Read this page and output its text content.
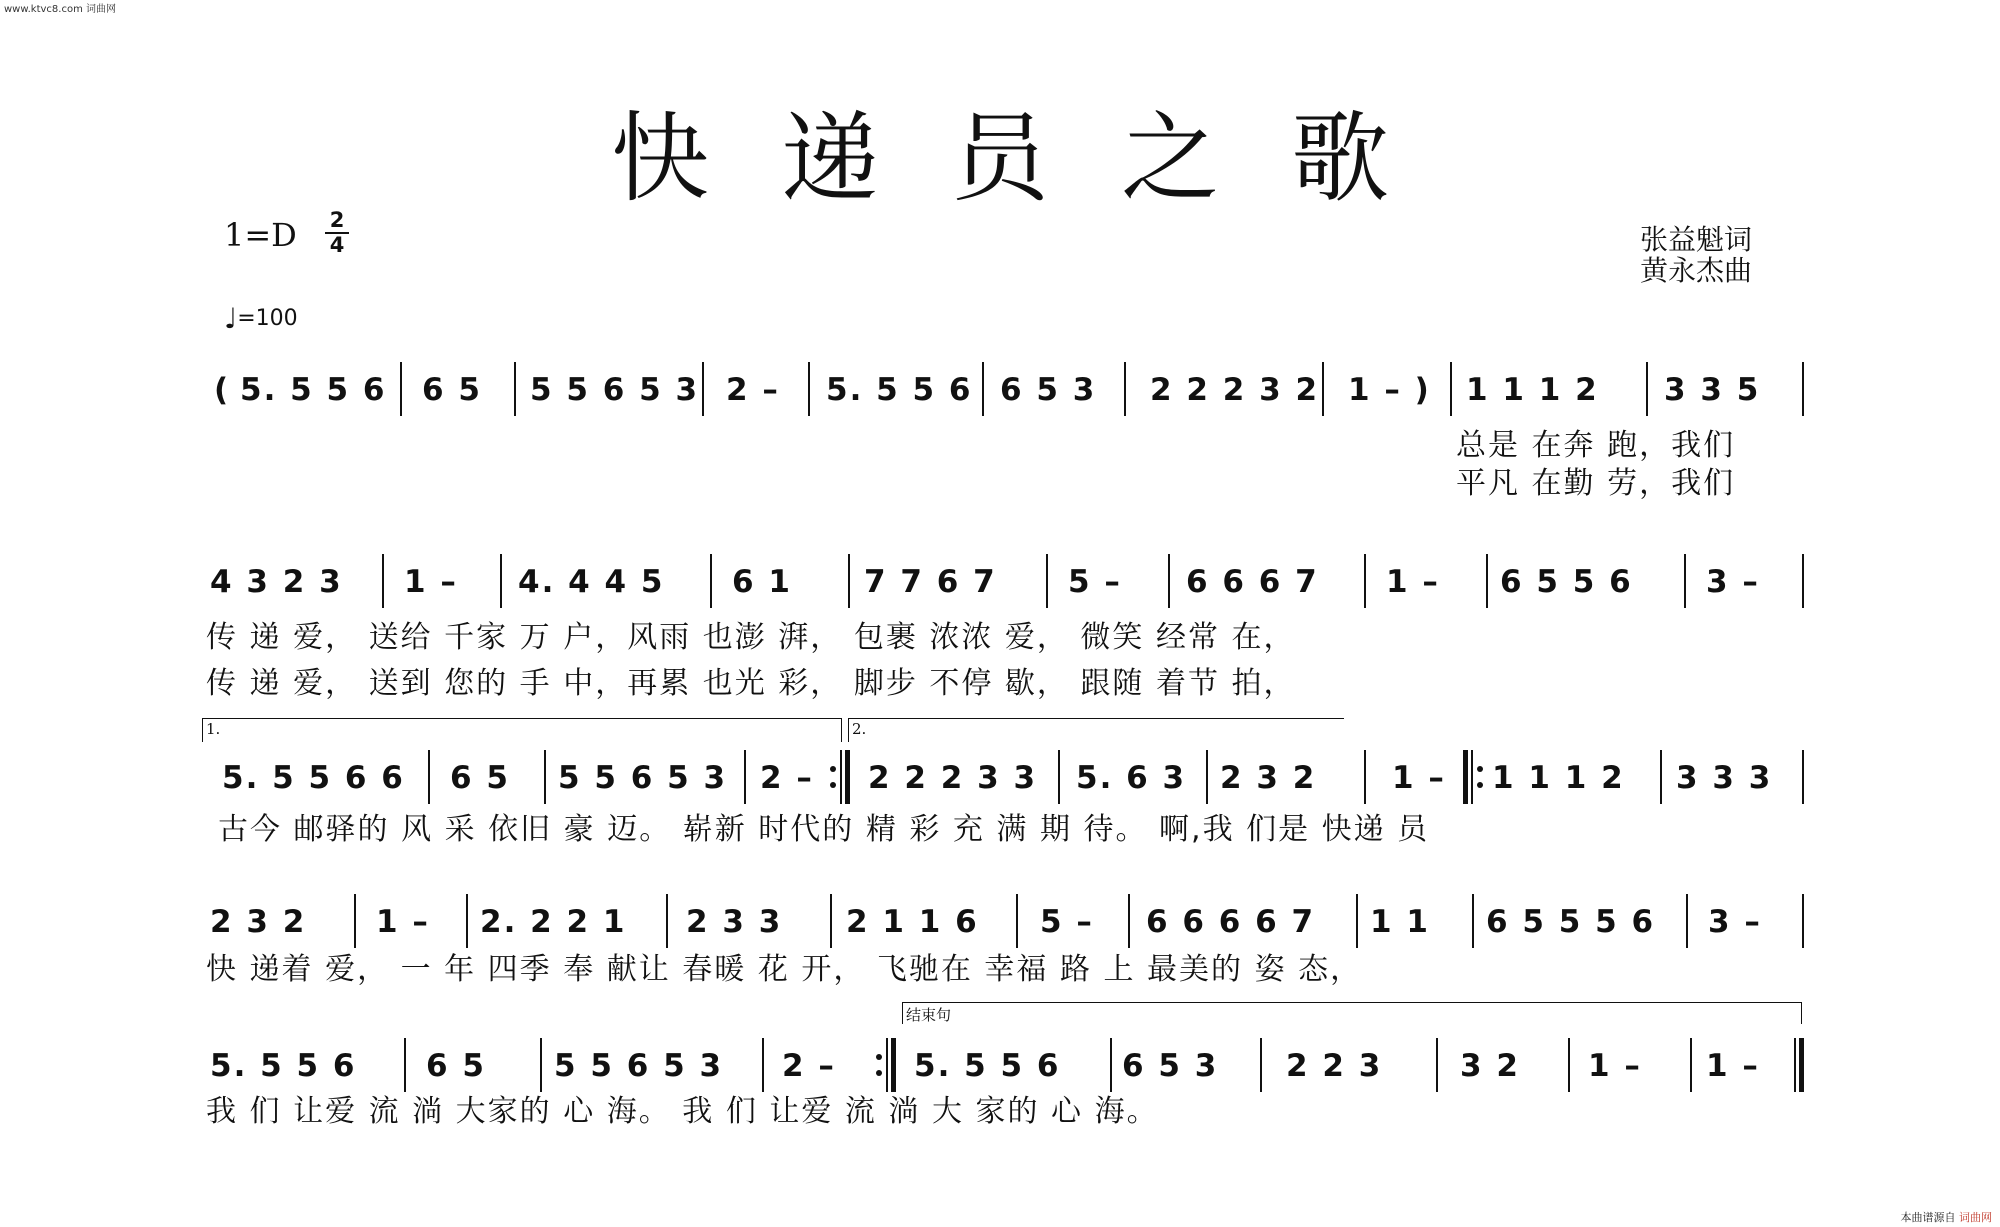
www.ktvc8.com 词曲网
快递员之歌
1=D 2
4
♩=100
张益魁词
黄永杰曲
( 5. 5 5 6 6 5 5 5 6 5 3 2 – 5. 5 5 6 6 5 3 2 2 2 3 2 1 – ) 1 1 1 2 3 3 5
总是 在奔 跑，我们
平凡 在勤 劳，我们
4 3 2 3 1 – 4. 4 4 5 6 1 7 7 6 7 5 – 6 6 6 7 1 – 6 5 5 6 3 –
传 递 爱， 送给 千家 万 户，风雨 也澎 湃， 包裹 浓浓 爱， 微笑 经常 在，
传 递 爱， 送到 您的 手 中，再累 也光 彩， 脚步 不停 歇， 跟随 着节 拍，
1.	2.
5. 5 5 6 6 6 5 5 5 6 5 3 2 – 2 2 2 3 3 5. 6 3 2 3 2 1 – 1 1 1 2 3 3 3
古今 邮驿的 风 采 依旧 豪 迈。 崭新 时代的 精 彩 充 满 期 待。 啊,我 们是 快递 员
2 3 2 1 – 2. 2 2 1 2 3 3 2 1 1 6 5 – 6 6 6 6 7 1 1 6 5 5 5 6 3 –
快 递着 爱， 一 年 四季 奉 献让 春暖 花 开， 飞驰在 幸福 路 上 最美的 姿 态，
结束句
5. 5 5 6 6 5 5 5 6 5 3 2 –	5. 5 5 6 6 5 3 2 2 3	3 2 1 – 1 –
我 们 让爱 流 淌 大家的 心 海。 我 们 让爱 流 淌 大 家的 心 海。
本曲谱源自 词曲网
